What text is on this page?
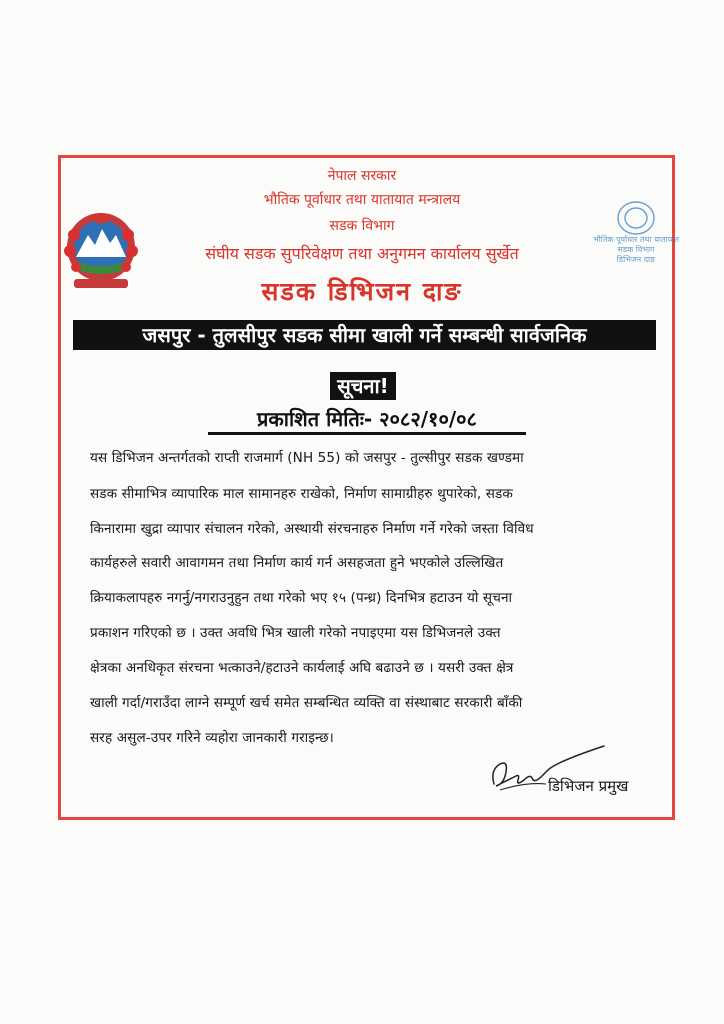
भौतिक पूर्वाधार तथा यातायात
सडक विभाग
डिभिजन दाङ
नेपाल सरकार
भौतिक पूर्वाधार तथा यातायात मन्त्रालय
सडक विभाग
संघीय सडक सुपरिवेक्षण तथा अनुगमन कार्यालय सुर्खेत
सडक डिभिजन दाङ
जसपुर - तुलसीपुर सडक सीमा खाली गर्ने सम्बन्धी सार्वजनिक
सूचना!
प्रकाशित मितिः- २०८२/१०/०८
यस डिभिजन अन्तर्गतको राप्ती राजमार्ग (NH 55) को जसपुर - तुल्सीपुर सडक खण्डमा
सडक सीमाभित्र व्यापारिक माल सामानहरु राखेको, निर्माण सामाग्रीहरु थुपारेको, सडक
किनारामा खुद्रा व्यापार संचालन गरेको, अस्थायी संरचनाहरु निर्माण गर्ने गरेको जस्ता विविध
कार्यहरुले सवारी आवागमन तथा निर्माण कार्य गर्न असहजता हुने भएकोले उल्लिखित
क्रियाकलापहरु नगर्नु/नगराउनुहुन तथा गरेको भए १५ (पन्ध्र) दिनभित्र हटाउन यो सूचना
प्रकाशन गरिएको छ । उक्त अवधि भित्र खाली गरेको नपाइएमा यस डिभिजनले उक्त
क्षेत्रका अनधिकृत संरचना भत्काउने/हटाउने कार्यलाई अघि बढाउने छ । यसरी उक्त क्षेत्र
खाली गर्दा/गराउँदा लाग्ने सम्पूर्ण खर्च समेत सम्बन्धित व्यक्ति वा संस्थाबाट सरकारी बाँकी
सरह असुल-उपर गरिने व्यहोरा जानकारी गराइन्छ।
डिभिजन प्रमुख
